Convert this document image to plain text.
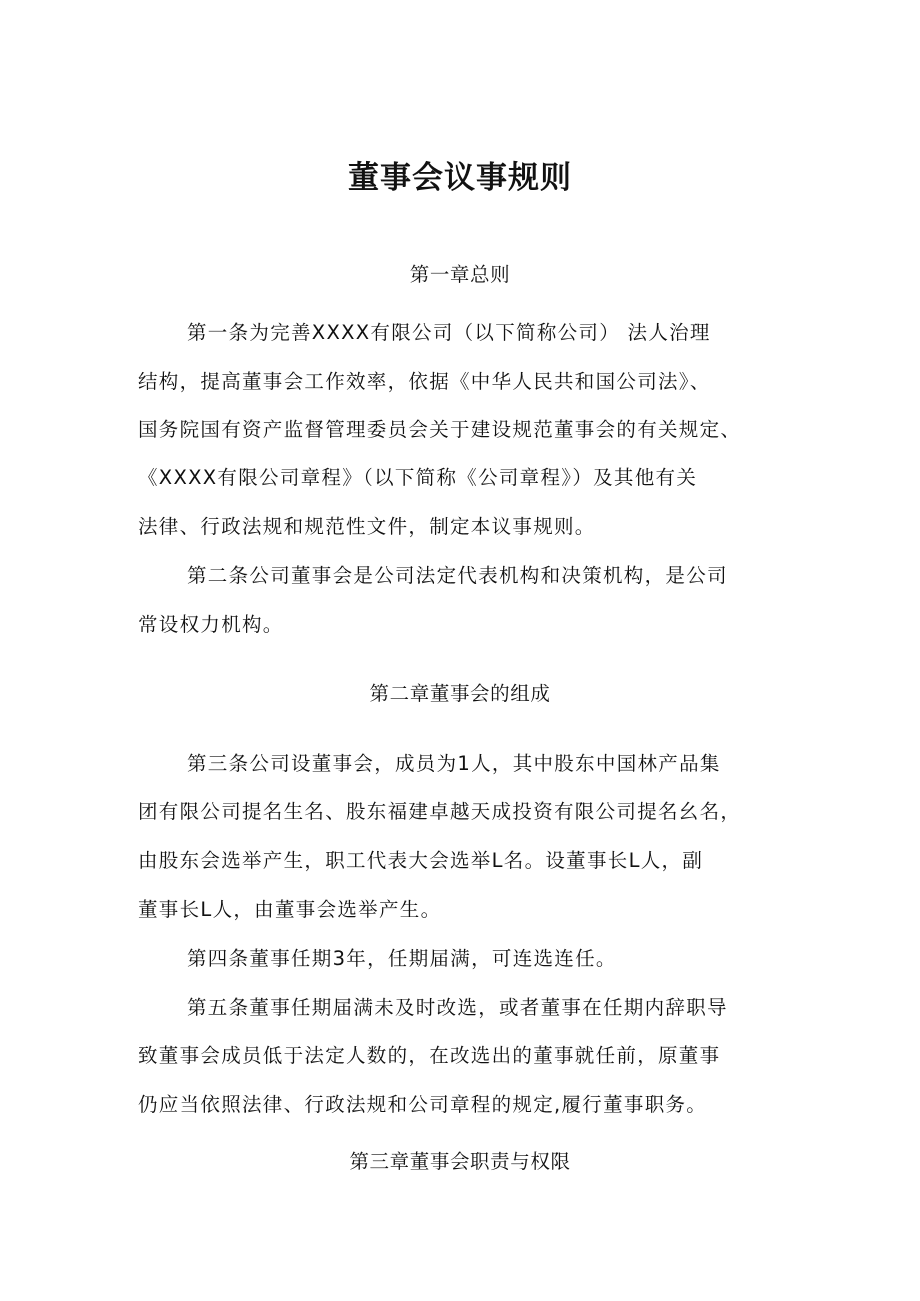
董事会议事规则
第一章总则
第一条为完善XXXX有限公司（以下简称公司） 法人治理
结构，提高董事会工作效率，依据《中华人民共和国公司法》、
国务院国有资产监督管理委员会关于建设规范董事会的有关规定、
《XXXX有限公司章程》（以下简称《公司章程》）及其他有关
法律、行政法规和规范性文件，制定本议事规则。
第二条公司董事会是公司法定代表机构和决策机构，是公司
常设权力机构。
第二章董事会的组成
第三条公司设董事会，成员为1人，其中股东中国林产品集
团有限公司提名生名、股东福建卓越天成投资有限公司提名幺名，
由股东会选举产生，职工代表大会选举L名。设董事长L人，副
董事长L人，由董事会选举产生。
第四条董事任期3年，任期届满，可连选连任。
第五条董事任期届满未及时改选，或者董事在任期内辞职导
致董事会成员低于法定人数的，在改选出的董事就任前，原董事
仍应当依照法律、行政法规和公司章程的规定,履行董事职务。
第三章董事会职责与权限
